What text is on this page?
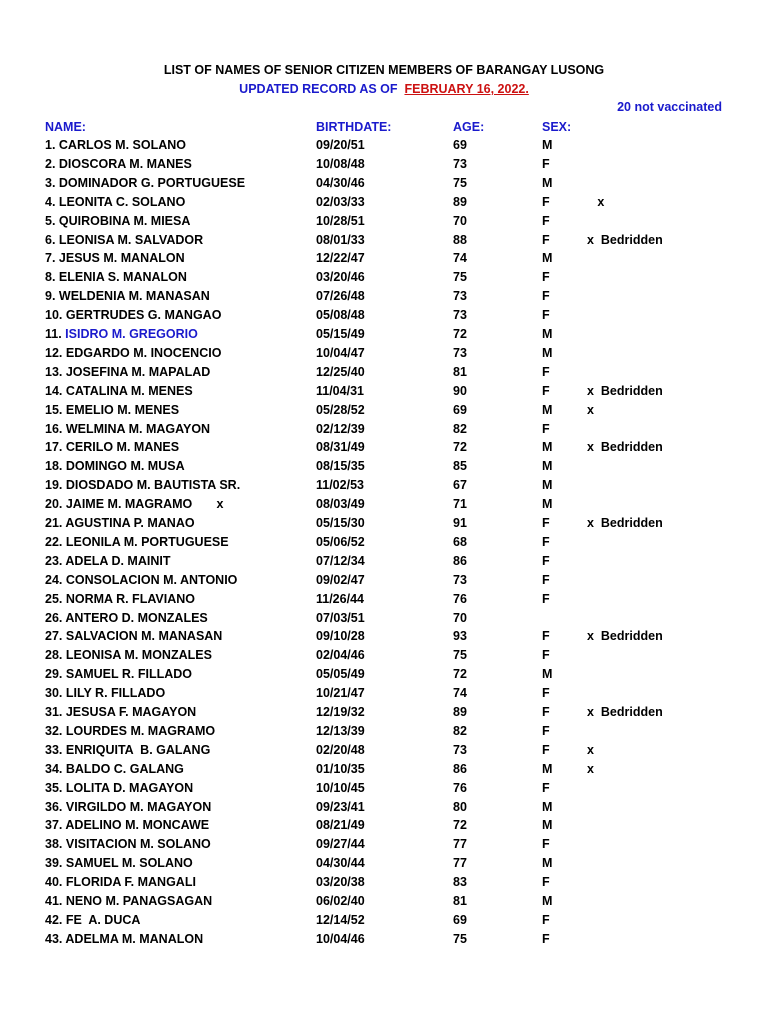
LIST OF NAMES OF SENIOR CITIZEN MEMBERS OF BARANGAY LUSONG
UPDATED RECORD AS OF FEBRUARY 16, 2022.
20 not vaccinated
NAME:	BIRTHDATE:	AGE:	SEX:
1. CARLOS M. SOLANO	09/20/51	69	M
2. DIOSCORA M. MANES	10/08/48	73	F
3. DOMINADOR G. PORTUGUESE	04/30/46	75	M
4. LEONITA C. SOLANO	02/03/33	89	F	x
5. QUIROBINA M. MIESA	10/28/51	70	F
6. LEONISA M. SALVADOR	08/01/33	88	F	x  Bedridden
7. JESUS M. MANALON	12/22/47	74	M
8. ELENIA S. MANALON	03/20/46	75	F
9. WELDENIA M. MANASAN	07/26/48	73	F
10. GERTRUDES G. MANGAO	05/08/48	73	F
11. ISIDRO M. GREGORIO	05/15/49	72	M
12. EDGARDO M. INOCENCIO	10/04/47	73	M
13. JOSEFINA M. MAPALAD	12/25/40	81	F
14. CATALINA M. MENES	11/04/31	90	F	x  Bedridden
15. EMELIO M. MENES	05/28/52	69	M	x
16. WELMINA M. MAGAYON	02/12/39	82	F
17. CERILO M. MANES	08/31/49	72	M	x  Bedridden
18. DOMINGO M. MUSA	08/15/35	85	M
19. DIOSDADO M. BAUTISTA SR.	11/02/53	67	M
20. JAIME M. MAGRAMO       x	08/03/49	71	M
21. AGUSTINA P. MANAO	05/15/30	91	F	x  Bedridden
22. LEONILA M. PORTUGUESE	05/06/52	68	F
23. ADELA D. MAINIT	07/12/34	86	F
24. CONSOLACION M. ANTONIO	09/02/47	73	F
25. NORMA R. FLAVIANO	11/26/44	76	F
26. ANTERO D. MONZALES	07/03/51	70
27. SALVACION M. MANASAN	09/10/28	93	F	x  Bedridden
28. LEONISA M. MONZALES	02/04/46	75	F
29. SAMUEL R. FILLADO	05/05/49	72	M
30. LILY R. FILLADO	10/21/47	74	F
31. JESUSA F. MAGAYON	12/19/32	89	F	x  Bedridden
32. LOURDES M. MAGRAMO	12/13/39	82	F
33. ENRIQUITA  B. GALANG	02/20/48	73	F	x
34. BALDO C. GALANG	01/10/35	86	M	x
35. LOLITA D. MAGAYON	10/10/45	76	F
36. VIRGILDO M. MAGAYON	09/23/41	80	M
37. ADELINO M. MONCAWE	08/21/49	72	M
38. VISITACION M. SOLANO	09/27/44	77	F
39. SAMUEL M. SOLANO	04/30/44	77	M
40. FLORIDA F. MANGALI	03/20/38	83	F
41. NENO M. PANAGSAGAN	06/02/40	81	M
42. FE  A. DUCA	12/14/52	69	F
43. ADELMA M. MANALON	10/04/46	75	F
